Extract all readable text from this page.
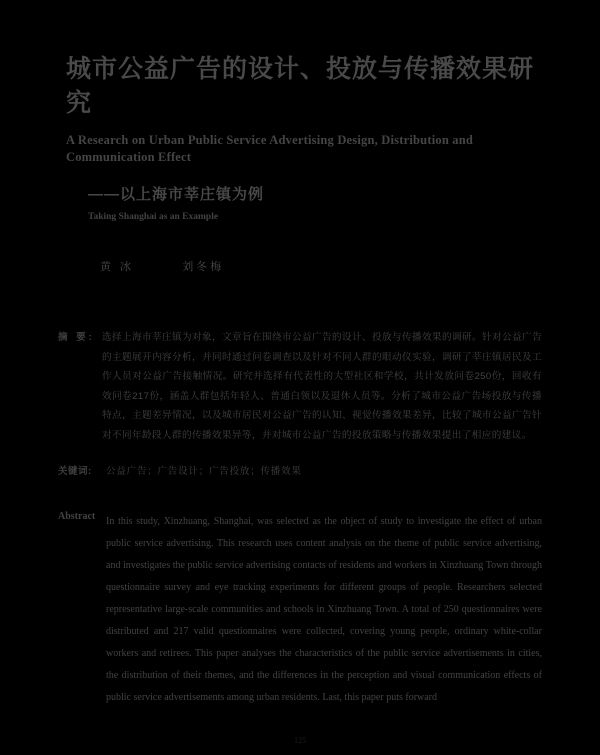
城市公益广告的设计、投放与传播效果研究
A Research on Urban Public Service Advertising Design, Distribution and Communication Effect
——以上海市莘庄镇为例
Taking Shanghai as an Example
黄 冰	刘冬梅
摘 要: 选择上海市莘庄镇为对象，文章旨在围绕市公益广告的设计、投放与传播效果的调研。针对公益广告的主题展开内容分析，并同时通过问卷调查以及针对不同人群的眼动仪实验，调研了莘庄镇居民及工作人员对公益广告接触情况。研究并选择有代表性的大型社区和学校，共计发放问卷250份，回收有效问卷217份，涵盖人群包括年轻人、普通白领以及退休人员等。分析了城市公益广告场投放与传播特点，主题差异情况，以及城市居民对公益广告的认知、视觉传播效果差异，比较了城市公益广告针对不同年龄段人群的传播效果异等，并对城市公益广告的投放策略与传播效果提出了相应的建议。
关键词:	公益广告；广告设计；广告投放；传播效果
Abstract	In this study, Xinzhuang, Shanghai, was selected as the object of study to investigate the effect of urban public service advertising. This research uses content analysis on the theme of public service advertising, and investigates the public service advertising contacts of residents and workers in Xinzhuang Town through questionnaire survey and eye tracking experiments for different groups of people. Researchers selected representative large-scale communities and schools in Xinzhuang Town. A total of 250 questionnaires were distributed and 217 valid questionnaires were collected, covering young people, ordinary white-collar workers and retirees. This paper analyses the characteristics of the public service advertisements in cities, the distribution of their themes, and the differences in the perception and visual communication effects of public service advertisements among urban residents. Last, this paper puts forward
125
